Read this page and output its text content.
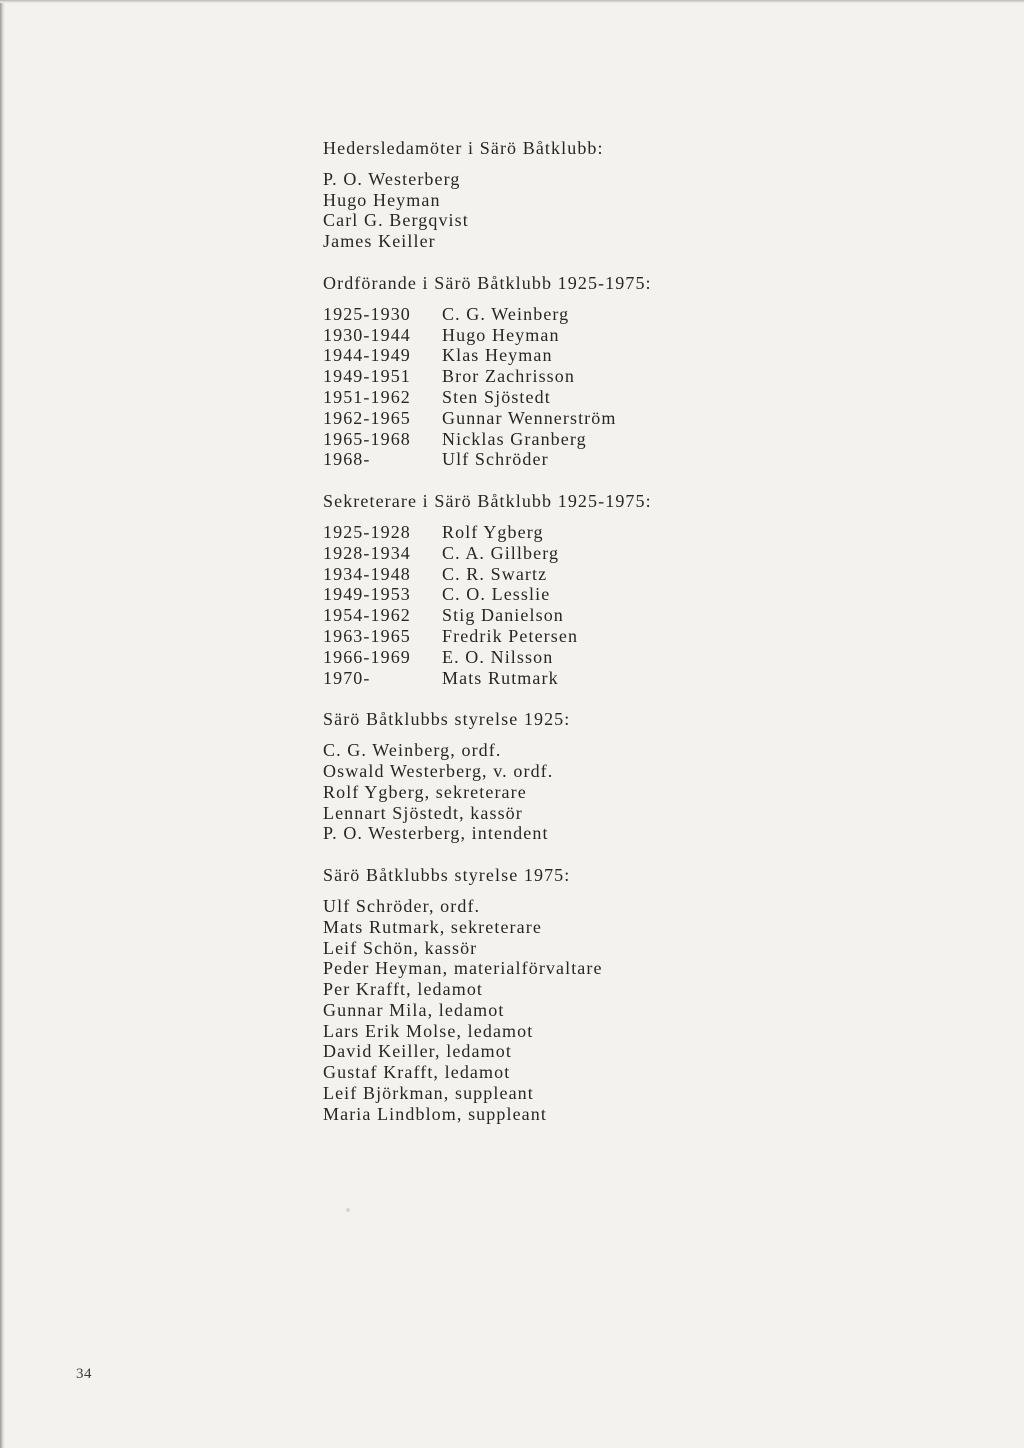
Hedersledamöter i Särö Båtklubb:

P. O. Westerberg
Hugo Heyman
Carl G. Bergqvist
James Keiller

Ordförande i Särö Båtklubb 1925-1975:

1925-1930 C. G. Weinberg
1930-1944 Hugo Heyman
1944-1949 Klas Heyman
1949-1951 Bror Zachrisson
1951-1962 Sten Sjöstedt
1962-1965 Gunnar Wennerström
1965-1968 Nicklas Granberg
1968-	Ulf Schröder

Sekreterare i Särö Båtklubb 1925-1975:

1925-1928 Rolf Ygberg
1928-1934 C. A. Gillberg
1934-1948 C. R. Swartz
1949-1953 C. O. Lesslie
1954-1962 Stig Danielson
1963-1965 Fredrik Petersen
1966-1969 E. O. Nilsson
1970-	Mats Rutmark

Särö Båtklubbs styrelse 1925:

C. G. Weinberg, ordf.
Oswald Westerberg, v. ordf.
Rolf Ygberg, sekreterare
Lennart Sjöstedt, kassör
P. O. Westerberg, intendent

Särö Båtklubbs styrelse 1975:

Ulf Schröder, ordf.
Mats Rutmark, sekreterare
Leif Schön, kassör
Peder Heyman, materialförvaltare
Per Krafft, ledamot
Gunnar Mila, ledamot
Lars Erik Molse, ledamot
David Keiller, ledamot
Gustaf Krafft, ledamot
Leif Björkman, suppleant
Maria Lindblom, suppleant
34
